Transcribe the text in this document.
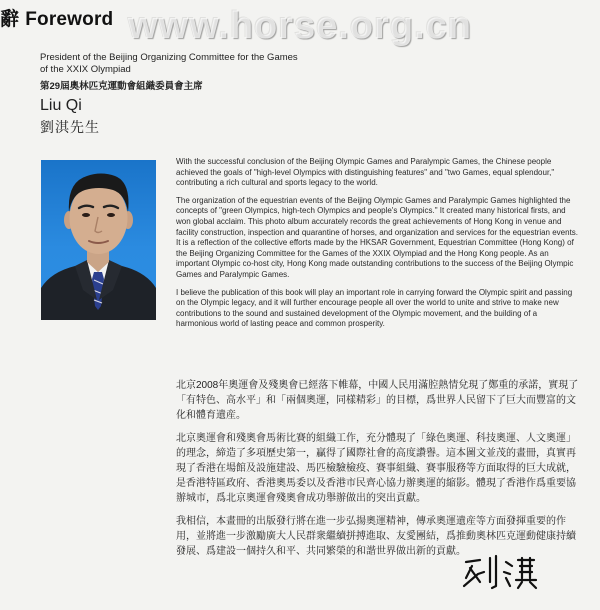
辭 Foreword www.horse.org.cn
President of the Beijing Organizing Committee for the Games of the XXIX Olympiad
第29屆奧林匹克運動會組織委員會主席
Liu Qi
劉淇先生

With the successful conclusion of the Beijing Olympic Games and Paralympic Games, the Chinese people achieved the goals of "high-level Olympics with distinguishing features" and "two Games, equal splendour," contributing a rich cultural and sports legacy to the world.

The organization of the equestrian events of the Beijing Olympic Games and Paralympic Games highlighted the concepts of "green Olympics, high-tech Olympics and people's Olympics." It created many historical firsts, and won global acclaim. This photo album accurately records the great achievements of Hong Kong in venue and facility construction, inspection and quarantine of horses, and organization and services for the equestrian events. It is a reflection of the collective efforts made by the HKSAR Government, Equestrian Committee (Hong Kong) of the Beijing Organizing Committee for the Games of the XXIX Olympiad and the Hong Kong people. As an important Olympic co-host city, Hong Kong made outstanding contributions to the success of the Beijing Olympic Games and Paralympic Games.

I believe the publication of this book will play an important role in carrying forward the Olympic spirit and passing on the Olympic legacy, and it will further encourage people all over the world to unite and strive to make new contributions to the sound and sustained development of the Olympic movement, and the building of a harmonious world of lasting peace and common prosperity.

北京2008年奧運會及殘奧會已經落下帷幕，中國人民用滿腔熱情兌現了鄭重的承諾，實現了「有特色、高水平」和「兩個奧運，同樣精彩」的目標，爲世界人民留下了巨大而豐富的文化和體育遺産。

北京奧運會和殘奧會馬術比賽的組織工作，充分體現了「綠色奧運、科技奧運、人文奧運」的理念，締造了多項歷史第一，贏得了國際社會的高度讚譽。這本圖文並茂的畫冊，真實再現了香港在場館及設施建設、馬匹檢驗檢疫、賽事組織、賽事服務等方面取得的巨大成就，是香港特區政府、香港奧馬委以及香港市民齊心協力辦奧運的縮影。體現了香港作爲重要協辦城市，爲北京奧運會殘奧會成功舉辦做出的突出貢獻。

我相信，本畫冊的出版發行將在進一步弘揚奧運精神，傳承奧運遺産等方面發揮重要的作用，並將進一步激勵廣大人民群衆繼續拼搏進取、友愛團結，爲推動奧林匹克運動健康持續發展、爲建設一個持久和平、共同繁榮的和諧世界做出新的貢獻。
